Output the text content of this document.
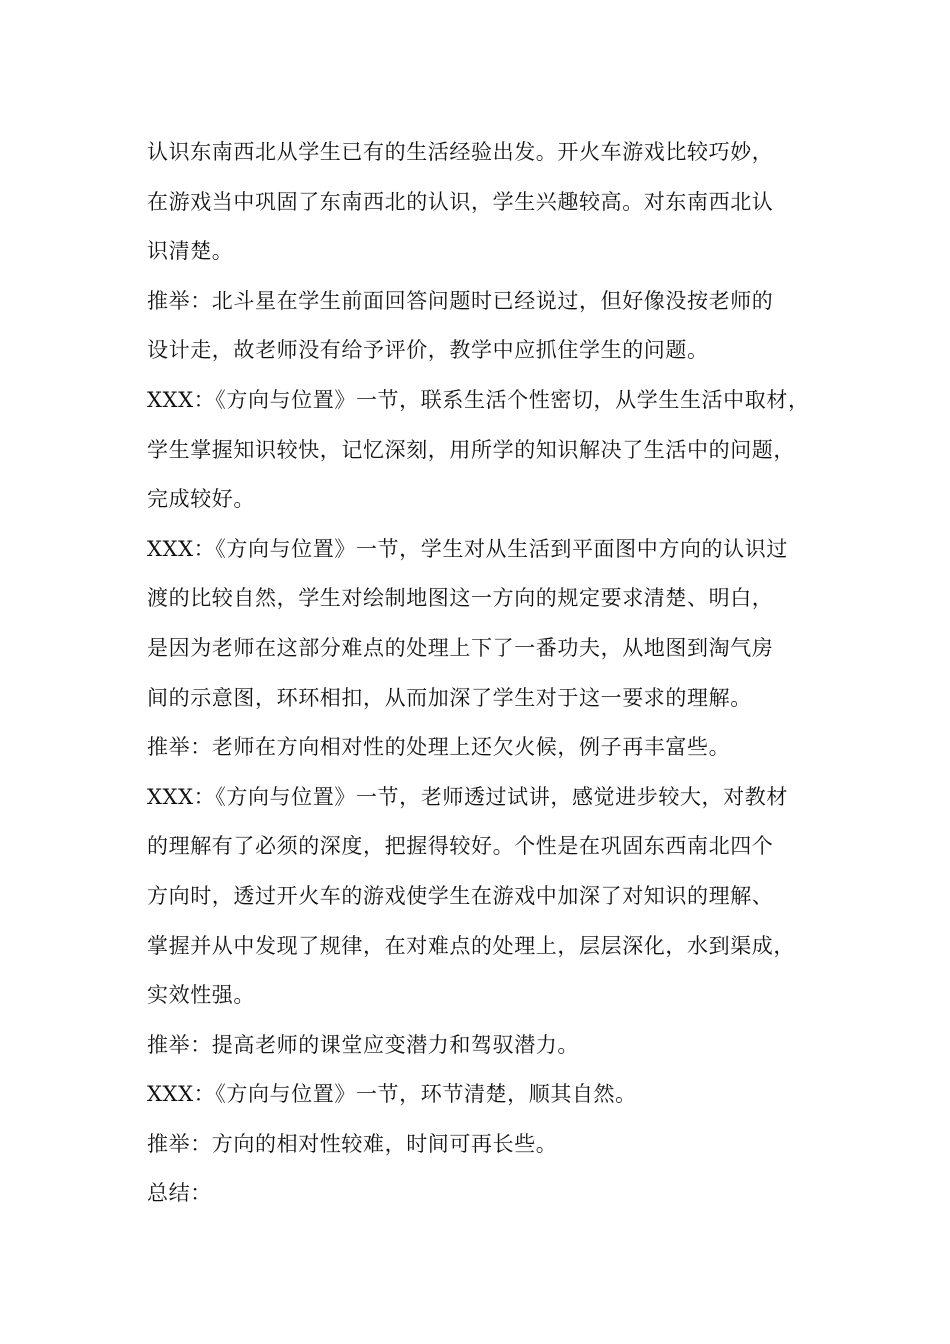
认识东南西北从学生已有的生活经验出发。开火车游戏比较巧妙，
在游戏当中巩固了东南西北的认识，学生兴趣较高。对东南西北认
识清楚。
推举：北斗星在学生前面回答问题时已经说过，但好像没按老师的
设计走，故老师没有给予评价，教学中应抓住学生的问题。
XXX：《方向与位置》一节，联系生活个性密切，从学生生活中取材，
学生掌握知识较快，记忆深刻，用所学的知识解决了生活中的问题，
完成较好。
XXX：《方向与位置》一节，学生对从生活到平面图中方向的认识过
渡的比较自然，学生对绘制地图这一方向的规定要求清楚、明白，
是因为老师在这部分难点的处理上下了一番功夫，从地图到淘气房
间的示意图，环环相扣，从而加深了学生对于这一要求的理解。
推举：老师在方向相对性的处理上还欠火候，例子再丰富些。
XXX：《方向与位置》一节，老师透过试讲，感觉进步较大，对教材
的理解有了必须的深度，把握得较好。个性是在巩固东西南北四个
方向时，透过开火车的游戏使学生在游戏中加深了对知识的理解、
掌握并从中发现了规律，在对难点的处理上，层层深化，水到渠成，
实效性强。
推举：提高老师的课堂应变潜力和驾驭潜力。
XXX：《方向与位置》一节，环节清楚，顺其自然。
推举：方向的相对性较难，时间可再长些。
总结：
